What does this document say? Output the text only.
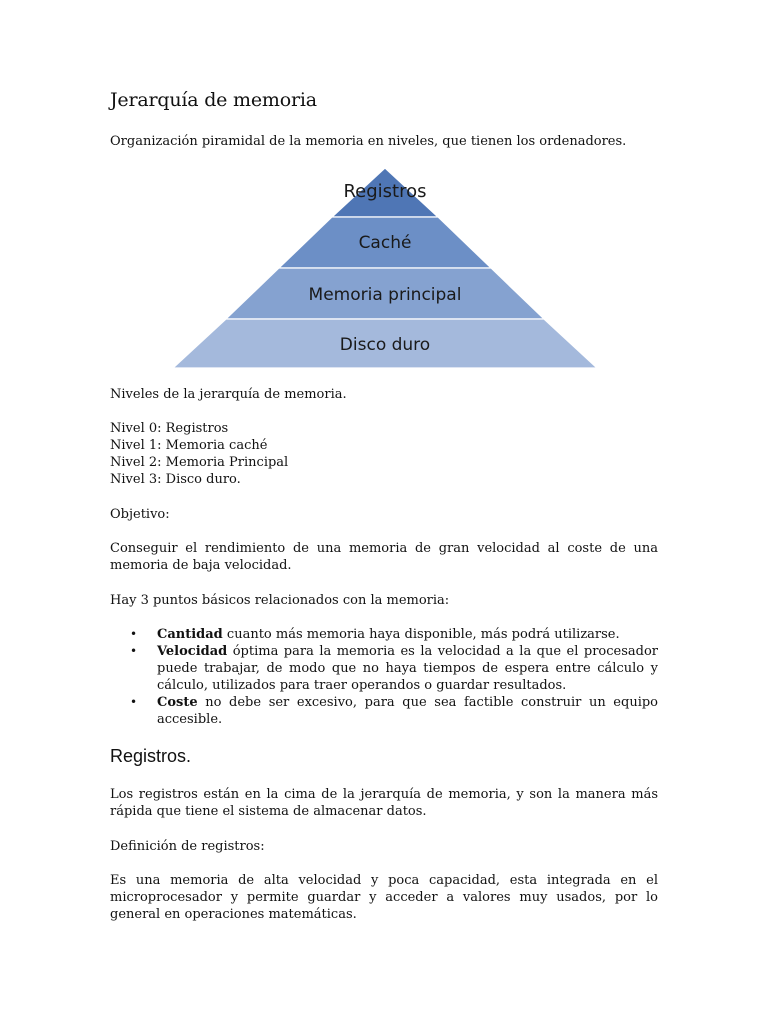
Jerarquía de memoria

Organización piramidal de la memoria en niveles, que tienen los ordenadores.

Niveles de la jerarquía de memoria.
Nivel 0: Registros
Nivel 1: Memoria caché
Nivel 2: Memoria Principal
Nivel 3: Disco duro.
Objetivo:

Conseguir el rendimiento de una memoria de gran velocidad al coste de una memoria de baja velocidad.

Hay 3 puntos básicos relacionados con la memoria:
• Cantidad cuanto más memoria haya disponible, más podrá utilizarse.
• Velocidad óptima para la memoria es la velocidad a la que el procesador puede trabajar, de modo que no haya tiempos de espera entre cálculo y cálculo, utilizados para traer operandos o guardar resultados.
• Coste no debe ser excesivo, para que sea factible construir un equipo accesible.
Registros.

Los registros están en la cima de la jerarquía de memoria, y son la manera más rápida que tiene el sistema de almacenar datos.

Definición de registros:

Es una memoria de alta velocidad y poca capacidad, esta integrada en el microprocesador y permite guardar y acceder a valores muy usados, por lo general en operaciones matemáticas.

Registros
Caché
Memoria principal
Disco duro
